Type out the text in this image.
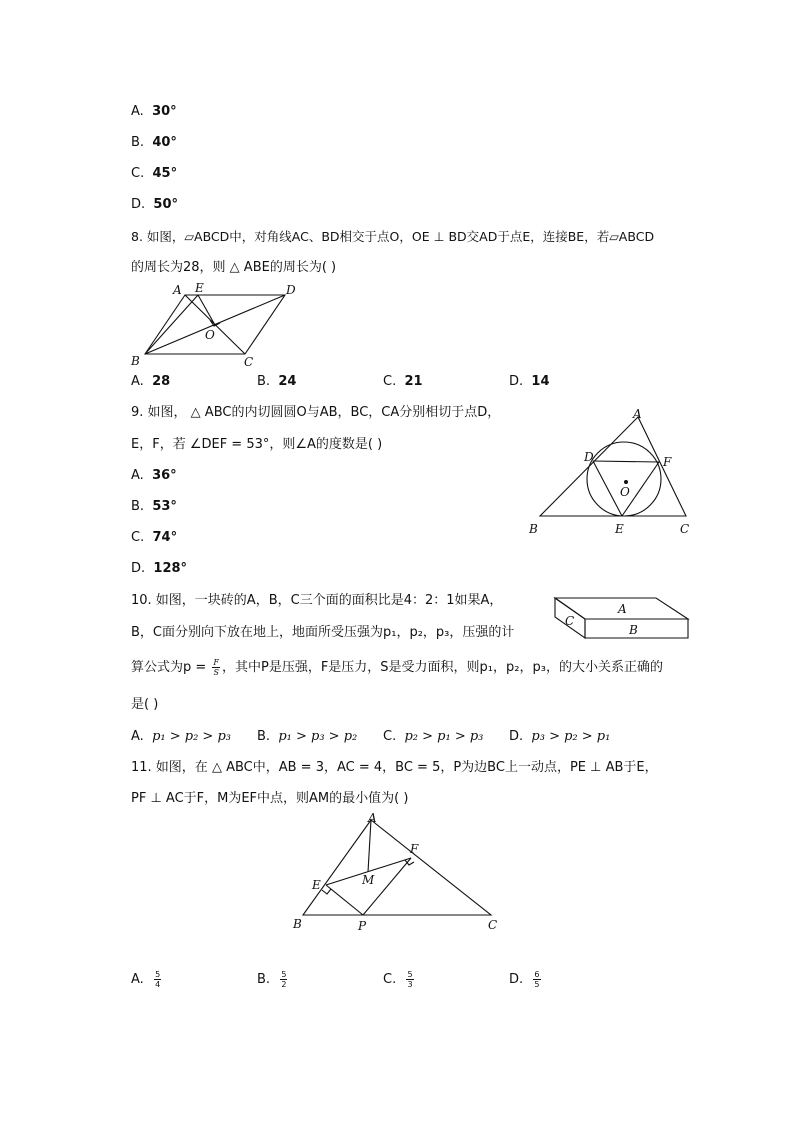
A. 30°
B. 40°
C. 45°
D. 50°
8. 如图，▱ABCD中，对角线AC、BD相交于点O，OE ⊥ BD交AD于点E，连接BE，若▱ABCD
的周长为28，则 △ ABE的周长为( )
A E	D
O
B	C
A. 28	B. 24	C. 21	D. 14
9. 如图， △ ABC的内切圆圆O与AB，BC，CA分别相切于点D，
E，F，若 ∠DEF = 53°，则∠A的度数是( )
A
B	C
D
E
F
O
A. 36°
B. 53°
C. 74°
D. 128°
10. 如图，一块砖的A，B，C三个面的面积比是4：2：1如果A，
B，C面分别向下放在地上，地面所受压强为p₁，p₂，p₃，压强的计
算公式为$p = \frac{F}{S}$ ，其中P是压强，F是压力，S是受力面积，则p₁，p₂，p₃，的大小关系正确的
是( )
A
B
C
A. p₁ > p₂ > p₃ B. p₁ > p₃ > p₂ C. p₂ > p₁ > p₃ D. p₃ > p₂ > p₁
11. 如图，在 △ ABC中，AB = 3，AC = 4，BC = 5，P为边BC上一动点，PE ⊥ AB于E，
PF ⊥ AC于F，M为EF中点，则AM的最小值为( )
A
B	C
E
F
M
P
A. $\frac{5}{4}$	B. $\frac{5}{2}$	C. $\frac{5}{3}$	D. $\frac{6}{5}$
